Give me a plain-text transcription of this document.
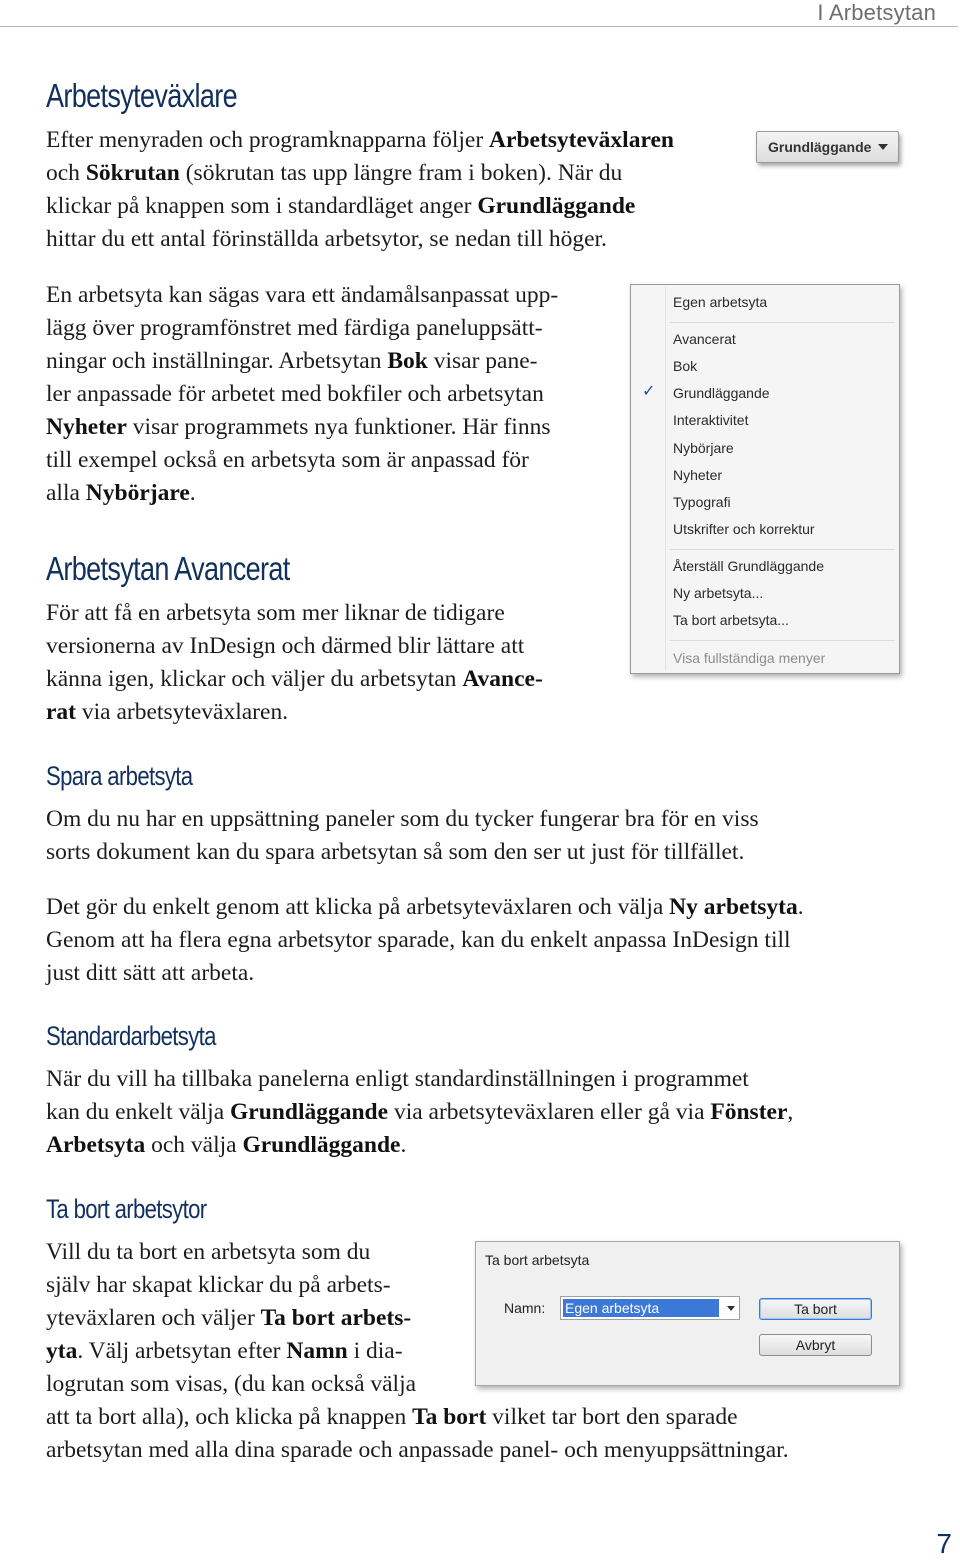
I Arbetsytan
Arbetsyteväxlare
Efter menyraden och programknapparna följer Arbetsyteväxlaren
och Sökrutan (sökrutan tas upp längre fram i boken). När du
klickar på knappen som i standardläget anger Grundläggande
hittar du ett antal förinställda arbetsytor, se nedan till höger.
Grundläggande
En arbetsyta kan sägas vara ett ändamålsanpassat upp-
lägg över programfönstret med färdiga paneluppsätt-
ningar och inställningar. Arbetsytan Bok visar pane-
ler anpassade för arbetet med bokfiler och arbetsytan
Nyheter visar programmets nya funktioner. Här finns
till exempel också en arbetsyta som är anpassad för
alla Nybörjare.
Egen arbetsyta
Avancerat
Bok
✓	Grundläggande
Interaktivitet
Nybörjare
Nyheter
Typografi
Utskrifter och korrektur
Återställ Grundläggande
Ny arbetsyta...
Ta bort arbetsyta...
Visa fullständiga menyer
Arbetsytan Avancerat
För att få en arbetsyta som mer liknar de tidigare
versionerna av InDesign och därmed blir lättare att
känna igen, klickar och väljer du arbetsytan Avance-
rat via arbetsyteväxlaren.
Spara arbetsyta
Om du nu har en uppsättning paneler som du tycker fungerar bra för en viss
sorts dokument kan du spara arbetsytan så som den ser ut just för tillfället.
Det gör du enkelt genom att klicka på arbetsyteväxlaren och välja Ny arbetsyta.
Genom att ha flera egna arbetsytor sparade, kan du enkelt anpassa InDesign till
just ditt sätt att arbeta.
Standardarbetsyta
När du vill ha tillbaka panelerna enligt standardinställningen i programmet
kan du enkelt välja Grundläggande via arbetsyteväxlaren eller gå via Fönster,
Arbetsyta och välja Grundläggande.
Ta bort arbetsytor
Vill du ta bort en arbetsyta som du
själv har skapat klickar du på arbets-
yteväxlaren och väljer Ta bort arbets-
yta. Välj arbetsytan efter Namn i dia-
logrutan som visas, (du kan också välja
att ta bort alla), och klicka på knappen Ta bort vilket tar bort den sparade
arbetsytan med alla dina sparade och anpassade panel- och menyuppsättningar.
Ta bort arbetsyta
Namn: Egen arbetsyta	Ta bort
Avbryt
7
